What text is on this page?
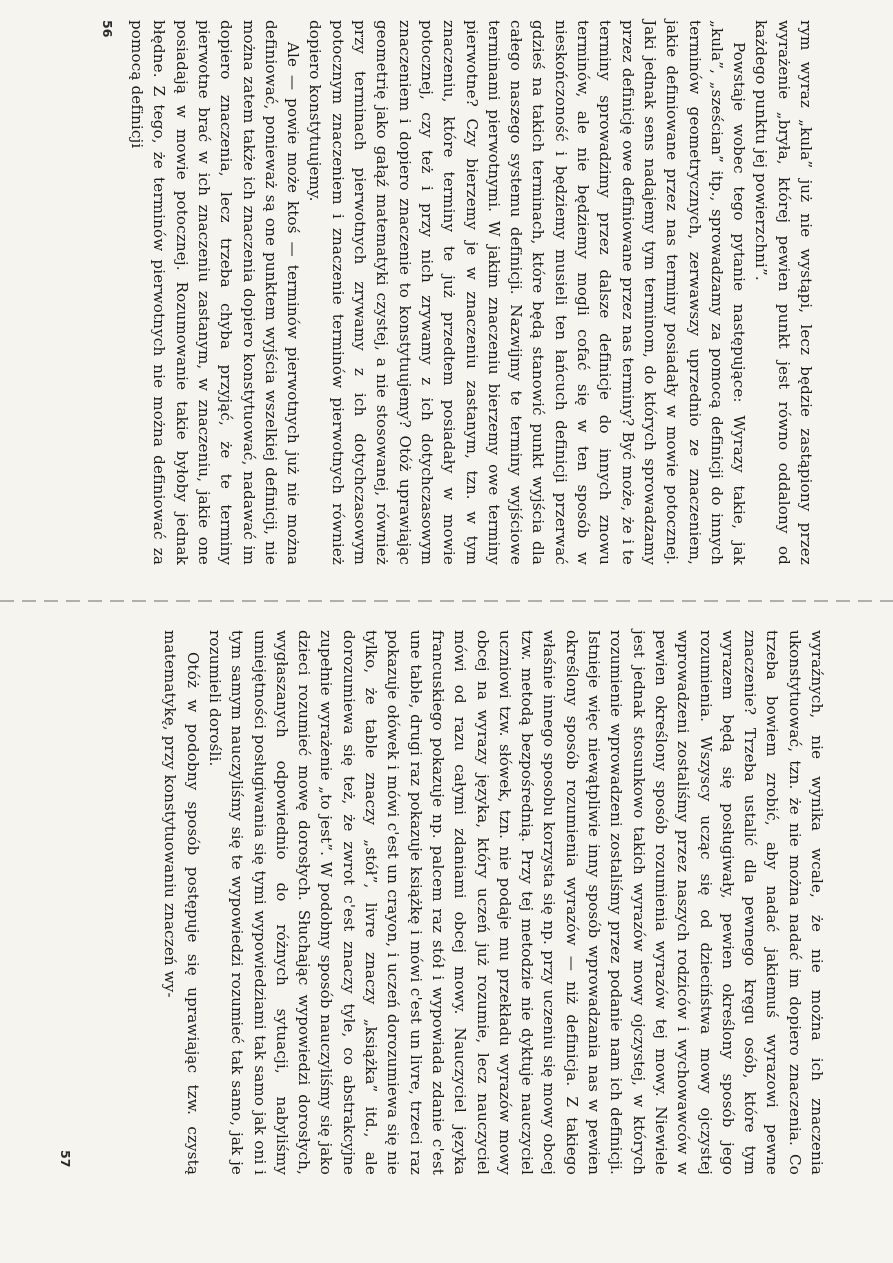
rym wyraz „kula” już nie wystąpi, lecz będzie zastąpiony przez wyrażenie „bryła, której pewien punkt jest równo oddalony od każdego punktu jej powierzchni”.

Powstaje wobec tego pytanie następujące: Wyrazy takie, jak „kula”, „sześcian” itp., sprowadzamy za pomocą definicji do innych terminów geometrycznych, zerwawszy uprzednio ze znaczeniem, jakie definiowane przez nas terminy posiadały w mowie potocznej. Jaki jednak sens nadajemy tym terminom, do których sprowadzamy przez definicję owe definiowane przez nas terminy? Być może, że i te terminy sprowadzimy przez dalsze definicje do innych znowu terminów, ale nie będziemy mogli cofać się w ten sposób w nieskończoność i będziemy musieli ten łańcuch definicji przerwać gdzieś na takich terminach, które będą stanowić punkt wyjścia dla całego naszego systemu definicji. Nazwijmy te terminy wyjściowe terminami pierwotnymi. W jakim znaczeniu bierzemy owe terminy pierwotne? Czy bierzemy je w znaczeniu zastanym, tzn. w tym znaczeniu, które terminy te już przedtem posiadały w mowie potocznej, czy też i przy nich zrywamy z ich dotychczasowym znaczeniem i dopiero znaczenie to konstytuujemy? Otóż uprawiając geometrię jako gałąź matematyki czystej, a nie stosowanej, również przy terminach pierwotnych zrywamy z ich dotychczasowym potocznym znaczeniem i znaczenie terminów pierwotnych również dopiero konstytuujemy.

Ale — powie może ktoś — terminów pierwotnych już nie można definiować, ponieważ są one punktem wyjścia wszelkiej definicji, nie można zatem także ich znaczenia dopiero konstytuować, nadawać im dopiero znaczenia, lecz trzeba chyba przyjąć, że te terminy pierwotne brać w ich znaczeniu zastanym, w znaczeniu, jakie one posiadają w mowie potocznej. Rozumowanie takie byłoby jednak błędne. Z tego, że terminów pierwotnych nie można definiować za pomocą definicji

56

wyraźnych, nie wynika wcale, że nie można ich znaczenia ukonstytuować, tzn. że nie można nadać im dopiero znaczenia. Co trzeba bowiem zrobić, aby nadać jakiemuś wyrazowi pewne znaczenie? Trzeba ustalić dla pewnego kręgu osób, które tym wyrazem będą się posługiwały, pewien określony sposób jego rozumienia. Wszyscy ucząc się od dzieciństwa mowy ojczystej wprowadzeni zostaliśmy przez naszych rodziców i wychowawców w pewien określony sposób rozumienia wyrazów tej mowy. Niewiele jest jednak stosunkowo takich wyrazów mowy ojczystej, w których rozumienie wprowadzeni zostaliśmy przez podanie nam ich definicji. Istnieje więc niewątpliwie inny sposób wprowadzania nas w pewien określony sposób rozumienia wyrazów — niż definicja. Z takiego właśnie innego sposobu korzysta się np. przy uczeniu się mowy obcej tzw. metodą bezpośrednią. Przy tej metodzie nie dyktuje nauczyciel uczniowi tzw. słówek, tzn. nie podaje mu przekładu wyrazów mowy obcej na wyrazy języka, który uczeń już rozumie, lecz nauczyciel mówi od razu całymi zdaniami obcej mowy. Nauczyciel języka francuskiego pokazuje np. palcem raz stół i wypowiada zdanie c'est une table, drugi raz pokazuje książkę i mówi c'est un livre, trzeci raz pokazuje ołówek i mówi c'est un crayon, i uczeń dorozumiewa się nie tylko, że table znaczy „stół”, livre znaczy „książka” itd., ale dorozumiewa się też, że zwrot c'est znaczy tyle, co abstrakcyjne zupełnie wyrażenie „to jest”. W podobny sposób nauczyliśmy się jako dzieci rozumieć mowę dorosłych. Słuchając wypowiedzi dorosłych, wygłaszanych odpowiednio do różnych sytuacji, nabyliśmy umiejętności posługiwania się tymi wypowiedziami tak samo jak oni i tym samym nauczyliśmy się te wypowiedzi rozumieć tak samo, jak je rozumieli dorośli.

Otóż w podobny sposób postępuje się uprawiając tzw. czystą matematykę, przy konstytuowaniu znaczeń wy-

57
